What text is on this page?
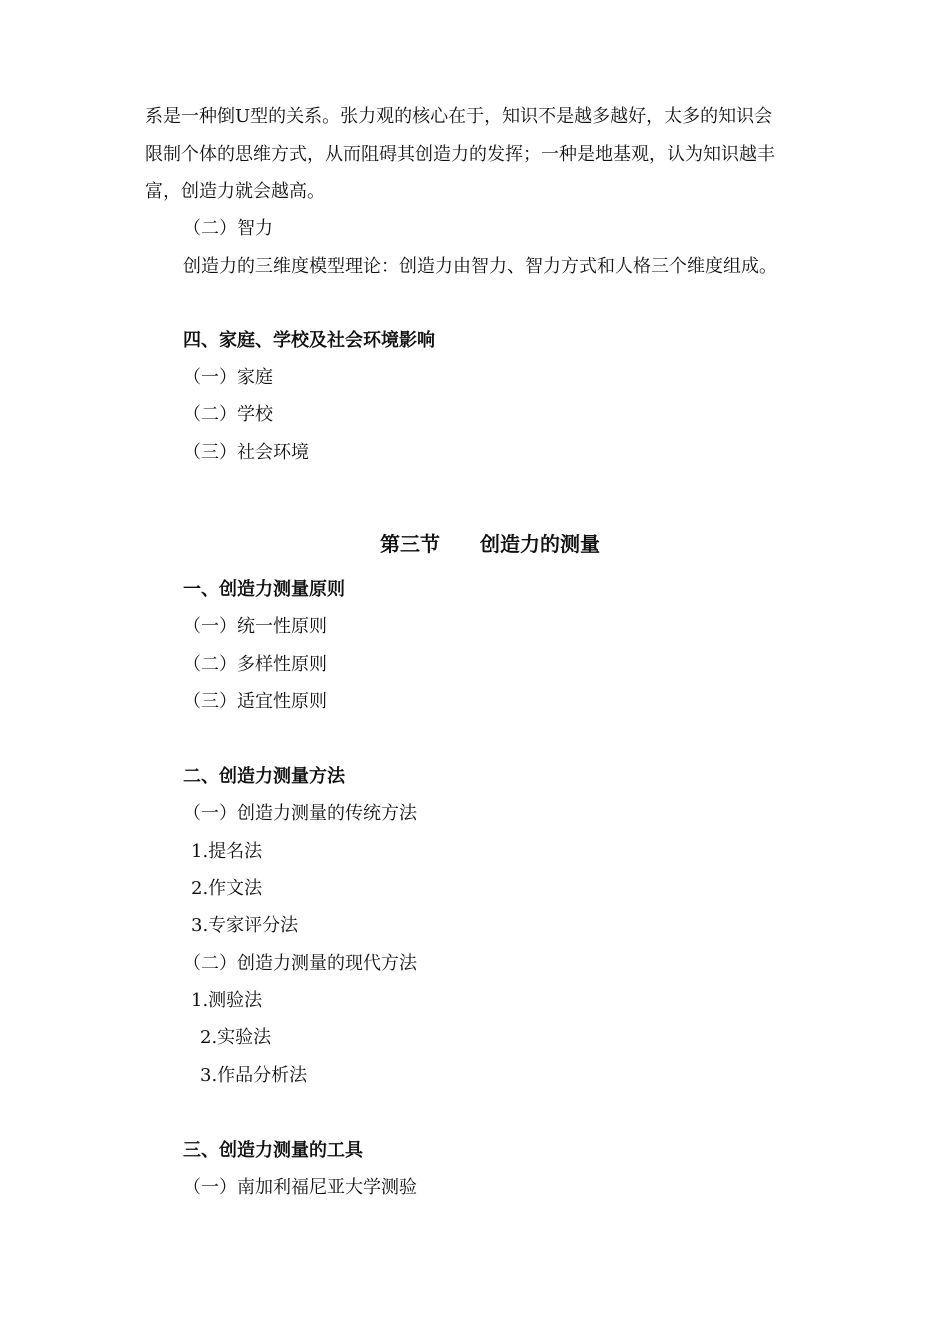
系是一种倒U型的关系。张力观的核心在于，知识不是越多越好，太多的知识会
限制个体的思维方式，从而阻碍其创造力的发挥；一种是地基观，认为知识越丰
富，创造力就会越高。
（二）智力
创造力的三维度模型理论：创造力由智力、智力方式和人格三个维度组成。
四、家庭、学校及社会环境影响
（一）家庭
（二）学校
（三）社会环境
第三节 创造力的测量
一、创造力测量原则
（一）统一性原则
（二）多样性原则
（三）适宜性原则
二、创造力测量方法
（一）创造力测量的传统方法
1.提名法
2.作文法
3.专家评分法
（二）创造力测量的现代方法
1.测验法
2.实验法
3.作品分析法
三、创造力测量的工具
（一）南加利福尼亚大学测验
